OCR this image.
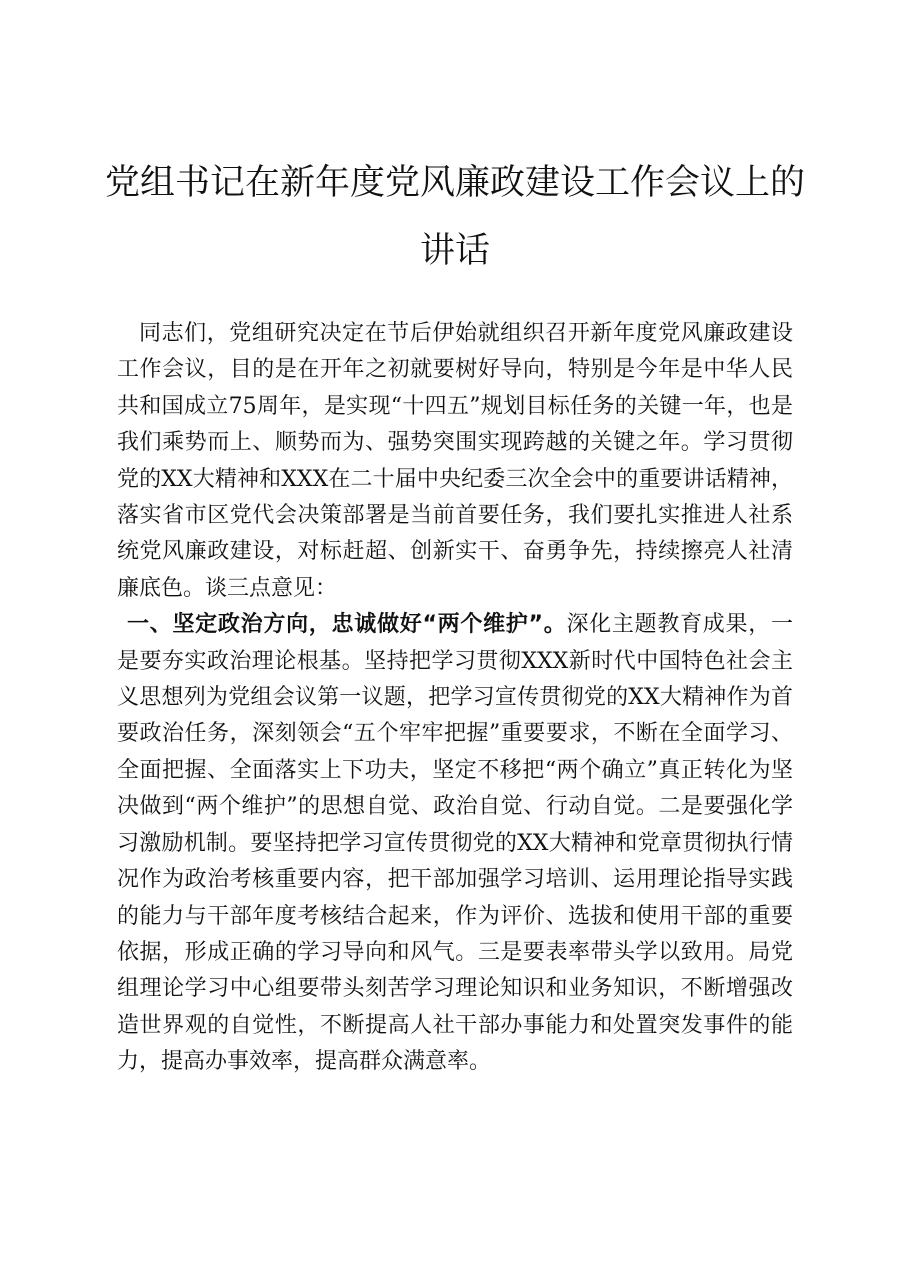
党组书记在新年度党风廉政建设工作会议上的
讲话

同志们，党组研究决定在节后伊始就组织召开新年度党风廉政建设工作会议，目的是在开年之初就要树好导向，特别是今年是中华人民共和国成立75周年，是实现“十四五”规划目标任务的关键一年，也是我们乘势而上、顺势而为、强势突围实现跨越的关键之年。学习贯彻党的XX大精神和XXX在二十届中央纪委三次全会中的重要讲话精神，落实省市区党代会决策部署是当前首要任务，我们要扎实推进人社系统党风廉政建设，对标赶超、创新实干、奋勇争先，持续擦亮人社清廉底色。谈三点意见：

一、坚定政治方向，忠诚做好“两个维护”。深化主题教育成果，一是要夯实政治理论根基。坚持把学习贯彻XXX新时代中国特色社会主义思想列为党组会议第一议题，把学习宣传贯彻党的XX大精神作为首要政治任务，深刻领会“五个牢牢把握”重要要求，不断在全面学习、全面把握、全面落实上下功夫，坚定不移把“两个确立”真正转化为坚决做到“两个维护”的思想自觉、政治自觉、行动自觉。二是要强化学习激励机制。要坚持把学习宣传贯彻党的XX大精神和党章贯彻执行情况作为政治考核重要内容，把干部加强学习培训、运用理论指导实践的能力与干部年度考核结合起来，作为评价、选拔和使用干部的重要依据，形成正确的学习导向和风气。三是要表率带头学以致用。局党组理论学习中心组要带头刻苦学习理论知识和业务知识，不断增强改造世界观的自觉性，不断提高人社干部办事能力和处置突发事件的能力，提高办事效率，提高群众满意率。
